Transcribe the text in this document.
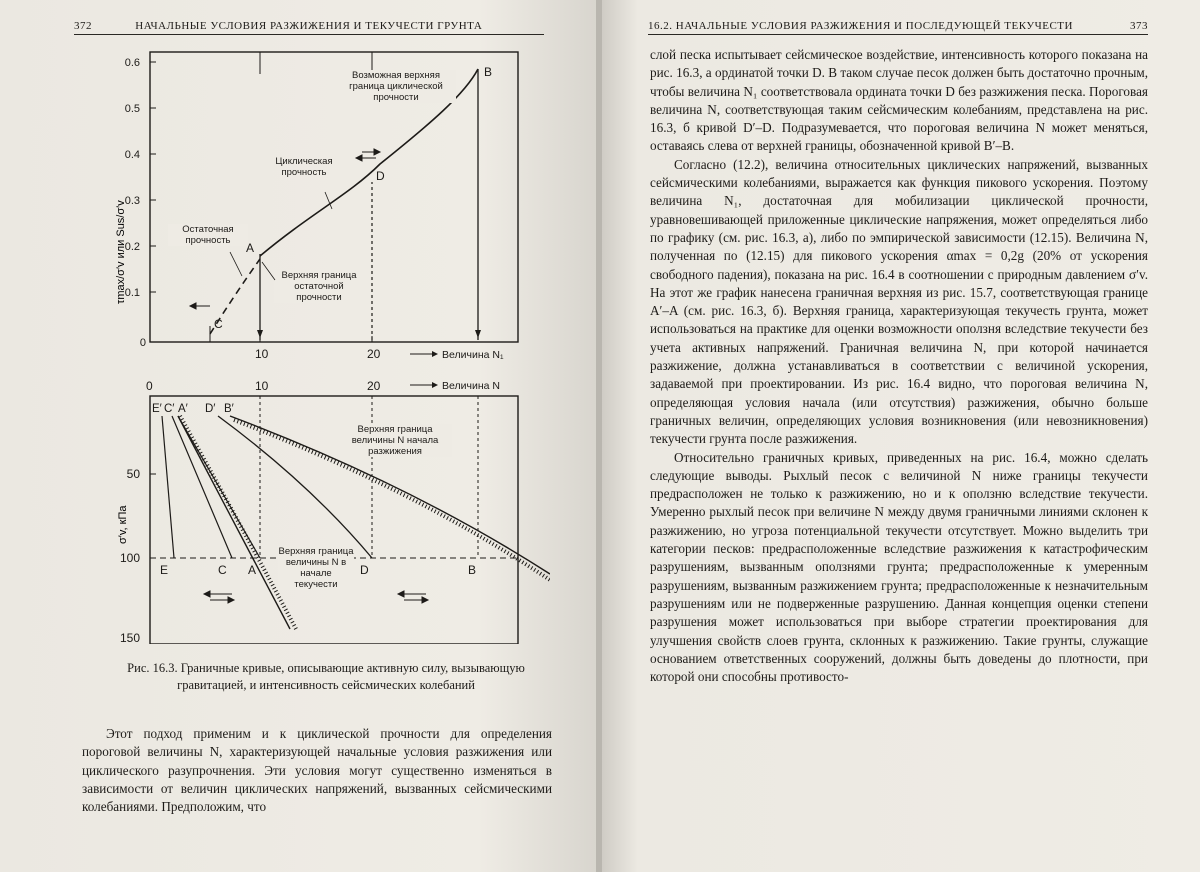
372	НАЧАЛЬНЫЕ УСЛОВИЯ РАЗЖИЖЕНИЯ И ТЕКУЧЕСТИ ГРУНТА
0.6
0.5
0.4
0.3
0.2
0.1
0
10	20	Величина N₁
τmax/σ′v или Sus/σ′v	A
B
C
D
Возможная верхняя граница циклической прочности
Циклическая прочность
Остаточная прочность
Верхняя граница остаточной прочности
0	10	20	Величина N
50
100
150
σ′v, кПа
E′ C′ A′ D′ B′
E	C A	D	B
Верхняя граница величины N начала разжижения
Верхняя граница величины N в начале текучести
Рис. 16.3. Граничные кривые, описывающие активную силу, вызывающую гравитацией, и интенсивность сейсмических колебаний

Этот подход применим и к циклической прочности для определения пороговой величины N, характеризующей начальные условия разжижения или циклического разупрочнения. Эти условия могут существенно изменяться в зависимости от величин циклических напряжений, вызванных сейсмическими колебаниями. Предположим, что

16.2. НАЧАЛЬНЫЕ УСЛОВИЯ РАЗЖИЖЕНИЯ И ПОСЛЕДУЮЩЕЙ ТЕКУЧЕСТИ	373

слой песка испытывает сейсмическое воздействие, интенсивность которого показана на рис. 16.3, а ординатой точки D. В таком случае песок должен быть достаточно прочным, чтобы величина N₁ соответствовала ордината точки D без разжижения песка. Пороговая величина N, соответствующая таким сейсмическим колебаниям, представлена на рис. 16.3, б кривой D′–D. Подразумевается, что пороговая величина N может меняться, оставаясь слева от верхней границы, обозначенной кривой B′–B.

Согласно (12.2), величина относительных циклических напряжений, вызванных сейсмическими колебаниями, выражается как функция пикового ускорения. Поэтому величина N₁, достаточная для мобилизации циклической прочности, уравновешивающей приложенные циклические напряжения, может определяться либо по графику (см. рис. 16.3, а), либо по эмпирической зависимости (12.15). Величина N, полученная по (12.15) для пикового ускорения αmax = 0,2g (20% от ускорения свободного падения), показана на рис. 16.4 в соотношении с природным давлением σ′v. На этот же график нанесена граничная верхняя из рис. 15.7, соответствующая границе A′–A (см. рис. 16.3, б). Верхняя граница, характеризующая текучесть грунта, может использоваться на практике для оценки возможности оползня вследствие текучести без учета активных напряжений. Граничная величина N, при которой начинается разжижение, должна устанавливаться в соответствии с величиной ускорения, задаваемой при проектировании. Из рис. 16.4 видно, что пороговая величина N, определяющая условия начала (или отсутствия) разжижения, обычно больше граничных величин, определяющих условия возникновения (или невозникновения) текучести грунта после разжижения.

Относительно граничных кривых, приведенных на рис. 16.4, можно сделать следующие выводы. Рыхлый песок с величиной N ниже границы текучести предрасположен не только к разжижению, но и к оползню вследствие текучести. Умеренно рыхлый песок при величине N между двумя граничными линиями склонен к разжижению, но угроза потенциальной текучести отсутствует. Можно выделить три категории песков: предрасположенные вследствие разжижения к катастрофическим разрушениям, вызванным оползнями грунта; предрасположенные к умеренным разрушениям, вызванным разжижением грунта; предрасположенные к незначительным разрушениям или не подверженные разрушению. Данная концепция оценки степени разрушения может использоваться при выборе стратегии проектирования для улучшения свойств слоев грунта, склонных к разжижению. Такие грунты, служащие основанием ответственных сооружений, должны быть доведены до плотности, при которой они способны противосто-
